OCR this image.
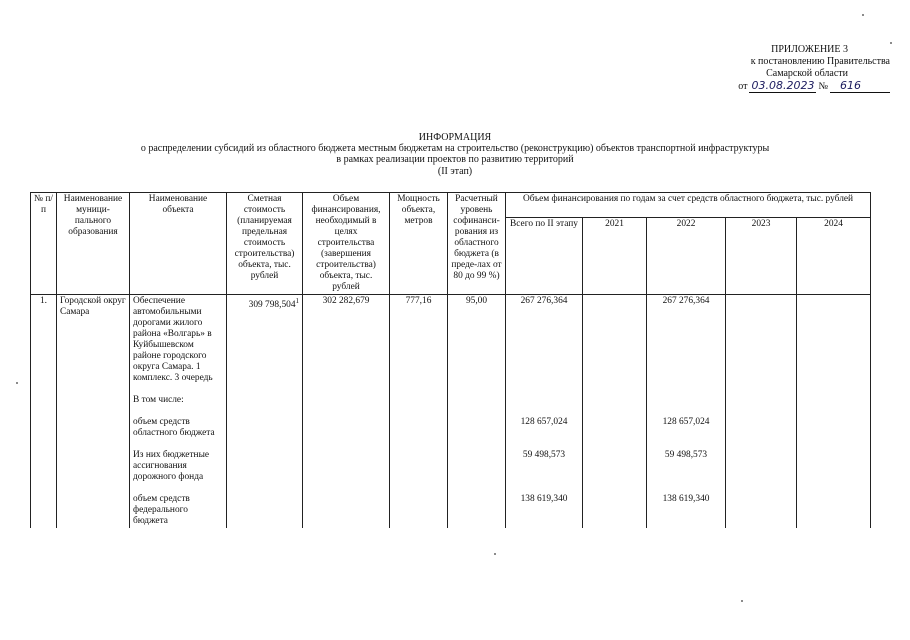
ПРИЛОЖЕНИЕ 3
к постановлению Правительства
Самарской области
от 03.08.2023 №	616
ИНФОРМАЦИЯ
о распределении субсидий из областного бюджета местным бюджетам на строительство (реконструкцию) объектов транспортной инфраструктуры
в рамках реализации проектов по развитию территорий
(II этап)
№ п/п	Наименование муници-пального образования	Наименование объекта	Сметная стоимость (планируемая предельная стоимость строительства) объекта, тыс. рублей	Объем финансирования, необходимый в целях строительства (завершения строительства) объекта, тыс. рублей	Мощность объекта, метров	Расчетный уровень софинанси-рования из областного бюджета (в преде-лах от 80 до 99 %)	Объем финансирования по годам за счет средств областного бюджета, тыс. рублей				
							Всего по II этапу	2021	2022	2023	2024
1.	Городской округ Самара	Обеспечение автомобильными дорогами жилого района «Волгарь» в Куйбышевском районе городского округа Самара. 1 комплекс. 3 очередь	309 798,504$^1$	302 282,679	777,16	95,00	267 276,364		267 276,364		
		В том числе:									
		объем средств областного бюджета					128 657,024		128 657,024		
		Из них бюджетные ассигнования дорожного фонда					59 498,573		59 498,573		
		объем средств федерального бюджета					138 619,340		138 619,340		
